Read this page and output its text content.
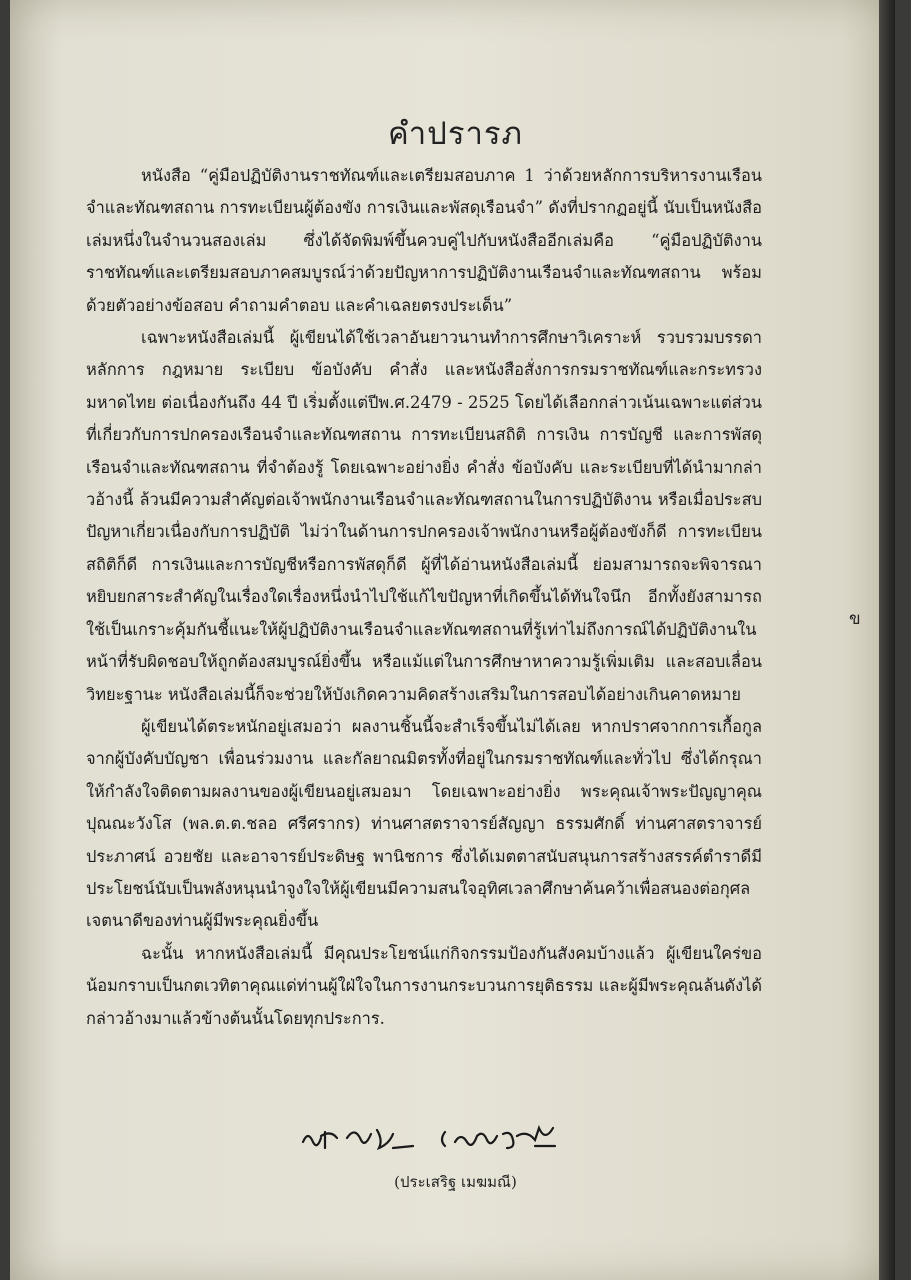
คำปรารภ

หนังสือ “คู่มือปฏิบัติงานราชทัณฑ์และเตรียมสอบภาค 1 ว่าด้วยหลักการบริหารงานเรือนจำและทัณฑสถาน การทะเบียนผู้ต้องขัง การเงินและพัสดุเรือนจำ” ดังที่ปรากฏอยู่นี้ นับเป็นหนังสือเล่มหนึ่งในจำนวนสองเล่ม ซึ่งได้จัดพิมพ์ขึ้นควบคู่ไปกับหนังสืออีกเล่มคือ “คู่มือปฏิบัติงานราชทัณฑ์และเตรียมสอบภาคสมบูรณ์ว่าด้วยปัญหาการปฏิบัติงานเรือนจำและทัณฑสถาน พร้อมด้วยตัวอย่างข้อสอบ คำถามคำตอบ และคำเฉลยตรงประเด็น”

เฉพาะหนังสือเล่มนี้ ผู้เขียนได้ใช้เวลาอันยาวนานทำการศึกษาวิเคราะห์ รวบรวมบรรดาหลักการ กฎหมาย ระเบียบ ข้อบังคับ คำสั่ง และหนังสือสั่งการกรมราชทัณฑ์และกระทรวงมหาดไทย ต่อเนื่องกันถึง 44 ปี เริ่มตั้งแต่ปีพ.ศ.2479 - 2525 โดยได้เลือกกล่าวเน้นเฉพาะแต่ส่วนที่เกี่ยวกับการปกครองเรือนจำและทัณฑสถาน การทะเบียนสถิติ การเงิน การบัญชี และการพัสดุเรือนจำและทัณฑสถาน ที่จำต้องรู้ โดยเฉพาะอย่างยิ่ง คำสั่ง ข้อบังคับ และระเบียบที่ได้นำมากล่าวอ้างนี้ ล้วนมีความสำคัญต่อเจ้าพนักงานเรือนจำและทัณฑสถานในการปฏิบัติงาน หรือเมื่อประสบปัญหาเกี่ยวเนื่องกับการปฏิบัติ ไม่ว่าในด้านการปกครองเจ้าพนักงานหรือผู้ต้องขังก็ดี การทะเบียนสถิติก็ดี การเงินและการบัญชีหรือการพัสดุก็ดี ผู้ที่ได้อ่านหนังสือเล่มนี้ ย่อมสามารถจะพิจารณาหยิบยกสาระสำคัญในเรื่องใดเรื่องหนึ่งนำไปใช้แก้ไขปัญหาที่เกิดขึ้นได้ทันใจนึก อีกทั้งยังสามารถใช้เป็นเกราะคุ้มกันชี้แนะให้ผู้ปฏิบัติงานเรือนจำและทัณฑสถานที่รู้เท่าไม่ถึงการณ์ได้ปฏิบัติงานในหน้าที่รับผิดชอบให้ถูกต้องสมบูรณ์ยิ่งขึ้น หรือแม้แต่ในการศึกษาหาความรู้เพิ่มเติม และสอบเลื่อนวิทยะฐานะ หนังสือเล่มนี้ก็จะช่วยให้บังเกิดความคิดสร้างเสริมในการสอบได้อย่างเกินคาดหมาย

ผู้เขียนได้ตระหนักอยู่เสมอว่า ผลงานชิ้นนี้จะสำเร็จขึ้นไม่ได้เลย หากปราศจากการเกื้อกูลจากผู้บังคับบัญชา เพื่อนร่วมงาน และกัลยาณมิตรทั้งที่อยู่ในกรมราชทัณฑ์และทั่วไป ซึ่งได้กรุณาให้กำลังใจติดตามผลงานของผู้เขียนอยู่เสมอมา โดยเฉพาะอย่างยิ่ง พระคุณเจ้าพระปัญญาคุณปุณณะวังโส (พล.ต.ต.ชลอ ศรีศรากร) ท่านศาสตราจารย์สัญญา ธรรมศักดิ์ ท่านศาสตราจารย์ประภาศน์ อวยชัย และอาจารย์ประดิษฐ พานิชการ ซึ่งได้เมตตาสนับสนุนการสร้างสรรค์ตำราดีมีประโยชน์นับเป็นพลังหนุนนำจูงใจให้ผู้เขียนมีความสนใจอุทิศเวลาศึกษาค้นคว้าเพื่อสนองต่อกุศลเจตนาดีของท่านผู้มีพระคุณยิ่งขึ้น

ฉะนั้น หากหนังสือเล่มนี้ มีคุณประโยชน์แก่กิจกรรมป้องกันสังคมบ้างแล้ว ผู้เขียนใคร่ขอน้อมกราบเป็นกตเวทิตาคุณแด่ท่านผู้ใฝ่ใจในการงานกระบวนการยุติธรรม และผู้มีพระคุณล้นดังได้กล่าวอ้างมาแล้วข้างต้นนั้นโดยทุกประการ.

ข
(ประเสริฐ เมฆมณี)
